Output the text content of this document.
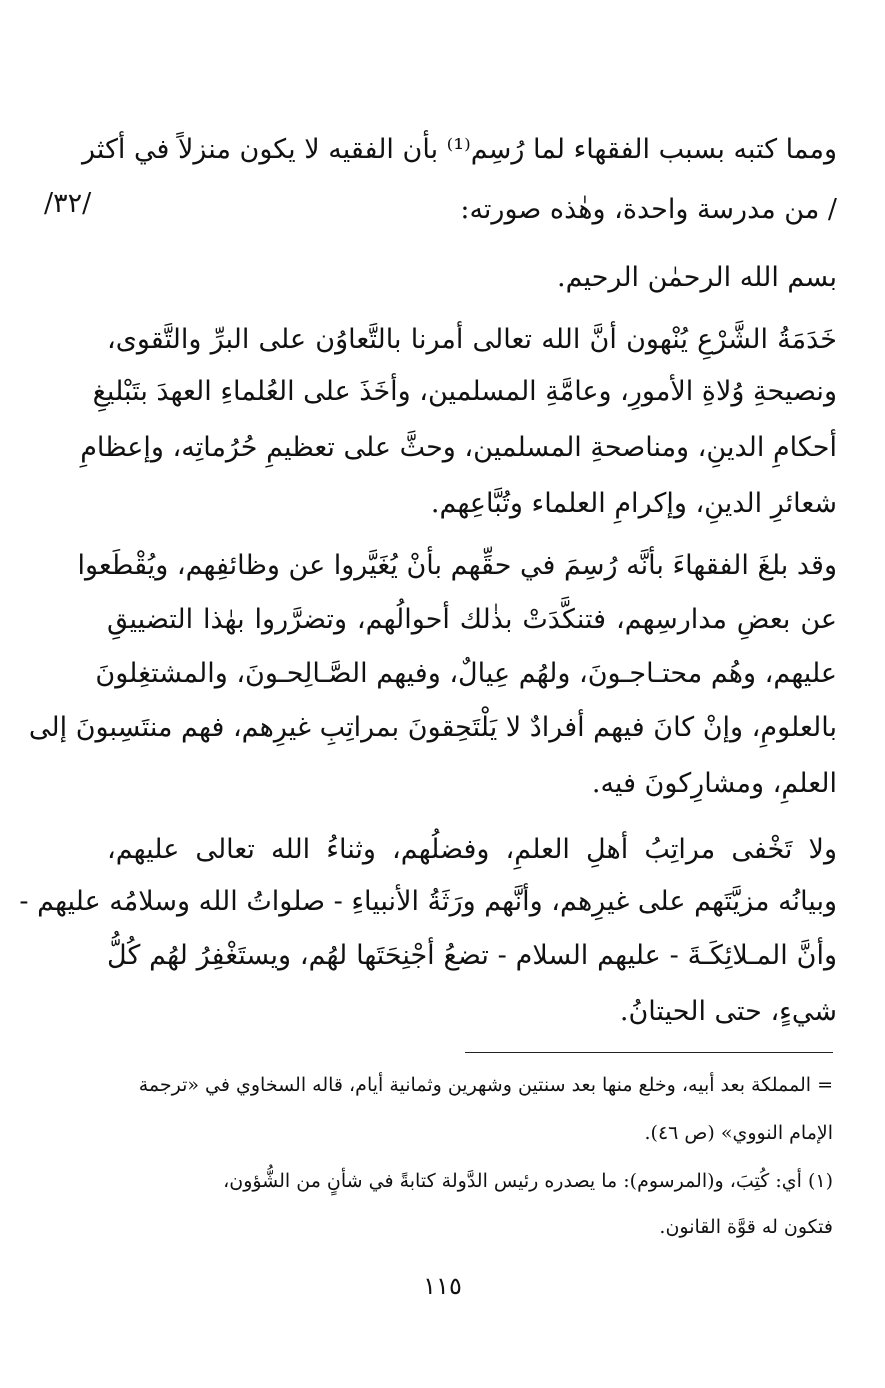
ومما كتبه بسبب الفقهاء لما رُسِم⁽¹⁾ بأن الفقيه لا يكون منزلاً في أكثر
/ من مدرسة واحدة، وهٰذه صورته:
/٣٢/
بسم الله الرحمٰن الرحيم.
خَدَمَةُ الشَّرْعِ يُنْهون أنَّ الله تعالى أمرنا بالتَّعاوُن على البرِّ والتَّقوى،
ونصيحةِ وُلاةِ الأمورِ، وعامَّةِ المسلمين، وأخَذَ على العُلماءِ العهدَ بتَبْليغِ
أحكامِ الدينِ، ومناصحةِ المسلمين، وحثَّ على تعظيمِ حُرُماتِه، وإعظامِ
شعائرِ الدينِ، وإكرامِ العلماء وتُبَّاعِهم.
وقد بلغَ الفقهاءَ بأنَّه رُسِمَ في حقِّهم بأنْ يُغَيَّروا عن وظائفِهم، ويُقْطَعوا
عن بعضِ مدارسِهم، فتنكَّدَتْ بذٰلك أحوالُهم، وتضرَّروا بهٰذا التضييقِ
عليهم، وهُم محتـاجـونَ، ولهُم عِيالٌ، وفيهم الصَّـالِحـونَ، والمشتغِلونَ
بالعلومِ، وإنْ كانَ فيهم أفرادٌ لا يَلْتَحِقونَ بمراتِبِ غيرِهم، فهم منتَسِبونَ إلى
العلمِ، ومشارِكونَ فيه.
ولا تَخْفى مراتِبُ أهلِ العلمِ، وفضلُهم، وثناءُ الله تعالى عليهم،
وبيانُه مزيَّتَهم على غيرِهم، وأنَّهم ورَثَةُ الأنبياءِ - صلواتُ الله وسلامُه عليهم -
وأنَّ المـلائِكَـةَ - عليهم السلام - تضعُ أجْنِحَتَها لهُم، ويستَغْفِرُ لهُم كُلُّ
شيءٍ، حتى الحيتانُ.
= المملكة بعد أبيه، وخلع منها بعد سنتين وشهرين وثمانية أيام، قاله السخاوي في «ترجمة
الإمام النووي» (ص ٤٦).
(١) أي: كُتِبَ، و(المرسوم): ما يصدره رئيس الدَّولة كتابةً في شأنٍ من الشُّؤون،
فتكون له قوَّة القانون.
١١٥
